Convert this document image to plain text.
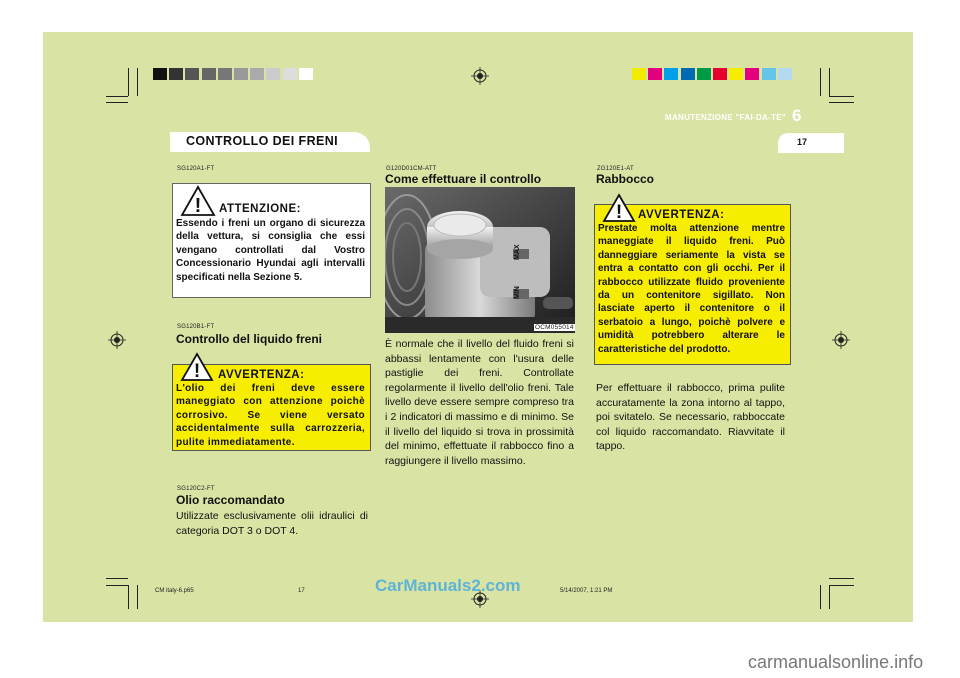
MANUTENZIONE "FAI-DA-TE" 6
17
CONTROLLO DEI FRENI
SG120A1-FT
! ATTENZIONE:
Essendo i freni un organo di sicurezza della vettura, si consiglia che essi vengano controllati dal Vostro Concessionario Hyundai agli intervalli specificati nella Sezione 5.
SG120B1-FT
Controllo del liquido freni
! AVVERTENZA:
L'olio dei freni deve essere maneggiato con attenzione poichè corrosivo. Se viene versato accidentalmente sulla carrozzeria, pulite immediatamente.
SG120C2-FT
Olio raccomandato
Utilizzate esclusivamente olii idraulici di categoria DOT 3 o DOT 4.
G120D01CM-ATT
Come effettuare il controllo
MAX
MIN
OCM055014
È normale che il livello del fluido freni si abbassi lentamente con l'usura delle pastiglie dei freni. Controllate regolarmente il livello dell'olio freni. Tale livello deve essere sempre compreso tra i 2 indicatori di massimo e di minimo. Se il livello del liquido si trova in prossimità del minimo, effettuate il rabbocco fino a raggiungere il livello massimo.
ZG120E1-AT
Rabbocco
! AVVERTENZA:
Prestate molta attenzione mentre maneggiate il liquido freni. Può danneggiare seriamente la vista se entra a contatto con gli occhi. Per il rabbocco utilizzate fluido proveniente da un contenitore sigillato. Non lasciate aperto il contenitore o il serbatoio a lungo, poichè polvere e umidità potrebbero alterare le caratteristiche del prodotto.
Per effettuare il rabbocco, prima pulite accuratamente la zona intorno al tappo, poi svitatelo. Se necessario, rabboccate col liquido raccomandato. Riavvitate il tappo.
CM italy-6.p65	17	5/14/2007, 1:21 PM
CarManuals2.com
carmanualsonline.info
